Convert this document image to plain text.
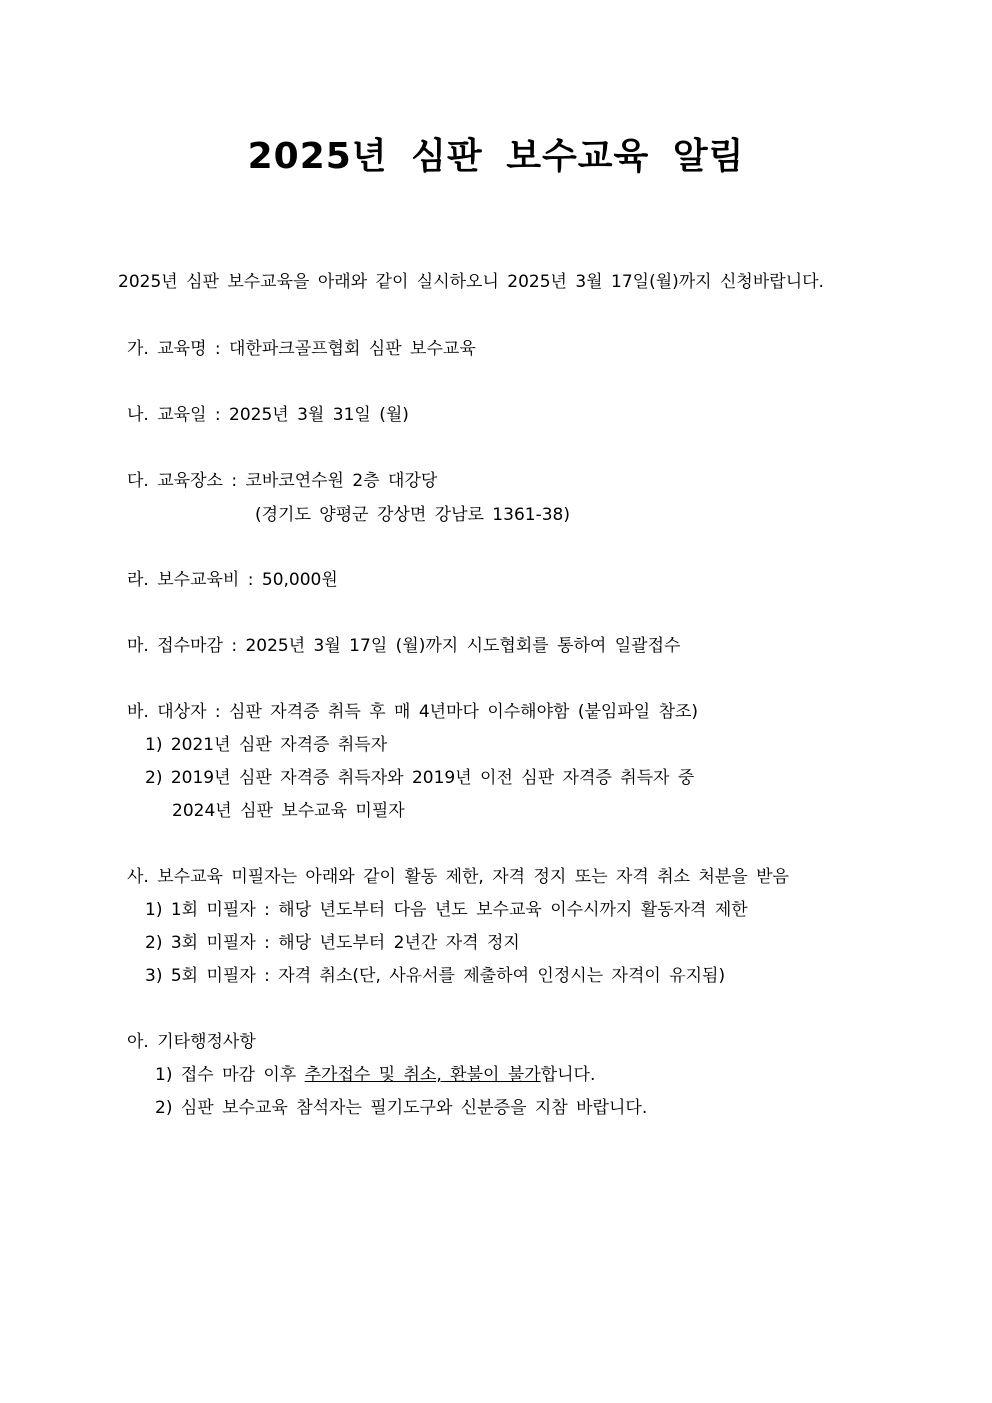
2025년 심판 보수교육 알림
2025년 심판 보수교육을 아래와 같이 실시하오니 2025년 3월 17일(월)까지 신청바랍니다.
가. 교육명 : 대한파크골프협회 심판 보수교육
나. 교육일 : 2025년 3월 31일 (월)
다. 교육장소 : 코바코연수원 2층 대강당
(경기도 양평군 강상면 강남로 1361-38)
라. 보수교육비 : 50,000원
마. 접수마감 : 2025년 3월 17일 (월)까지 시도협회를 통하여 일괄접수
바. 대상자 : 심판 자격증 취득 후 매 4년마다 이수해야함 (붙임파일 참조)
1) 2021년 심판 자격증 취득자
2) 2019년 심판 자격증 취득자와 2019년 이전 심판 자격증 취득자 중
2024년 심판 보수교육 미필자
사. 보수교육 미필자는 아래와 같이 활동 제한, 자격 정지 또는 자격 취소 처분을 받음
1) 1회 미필자 : 해당 년도부터 다음 년도 보수교육 이수시까지 활동자격 제한
2) 3회 미필자 : 해당 년도부터 2년간 자격 정지
3) 5회 미필자 : 자격 취소(단, 사유서를 제출하여 인정시는 자격이 유지됨)
아. 기타행정사항
1) 접수 마감 이후 추가접수 및 취소, 환불이 불가합니다.
2) 심판 보수교육 참석자는 필기도구와 신분증을 지참 바랍니다.
